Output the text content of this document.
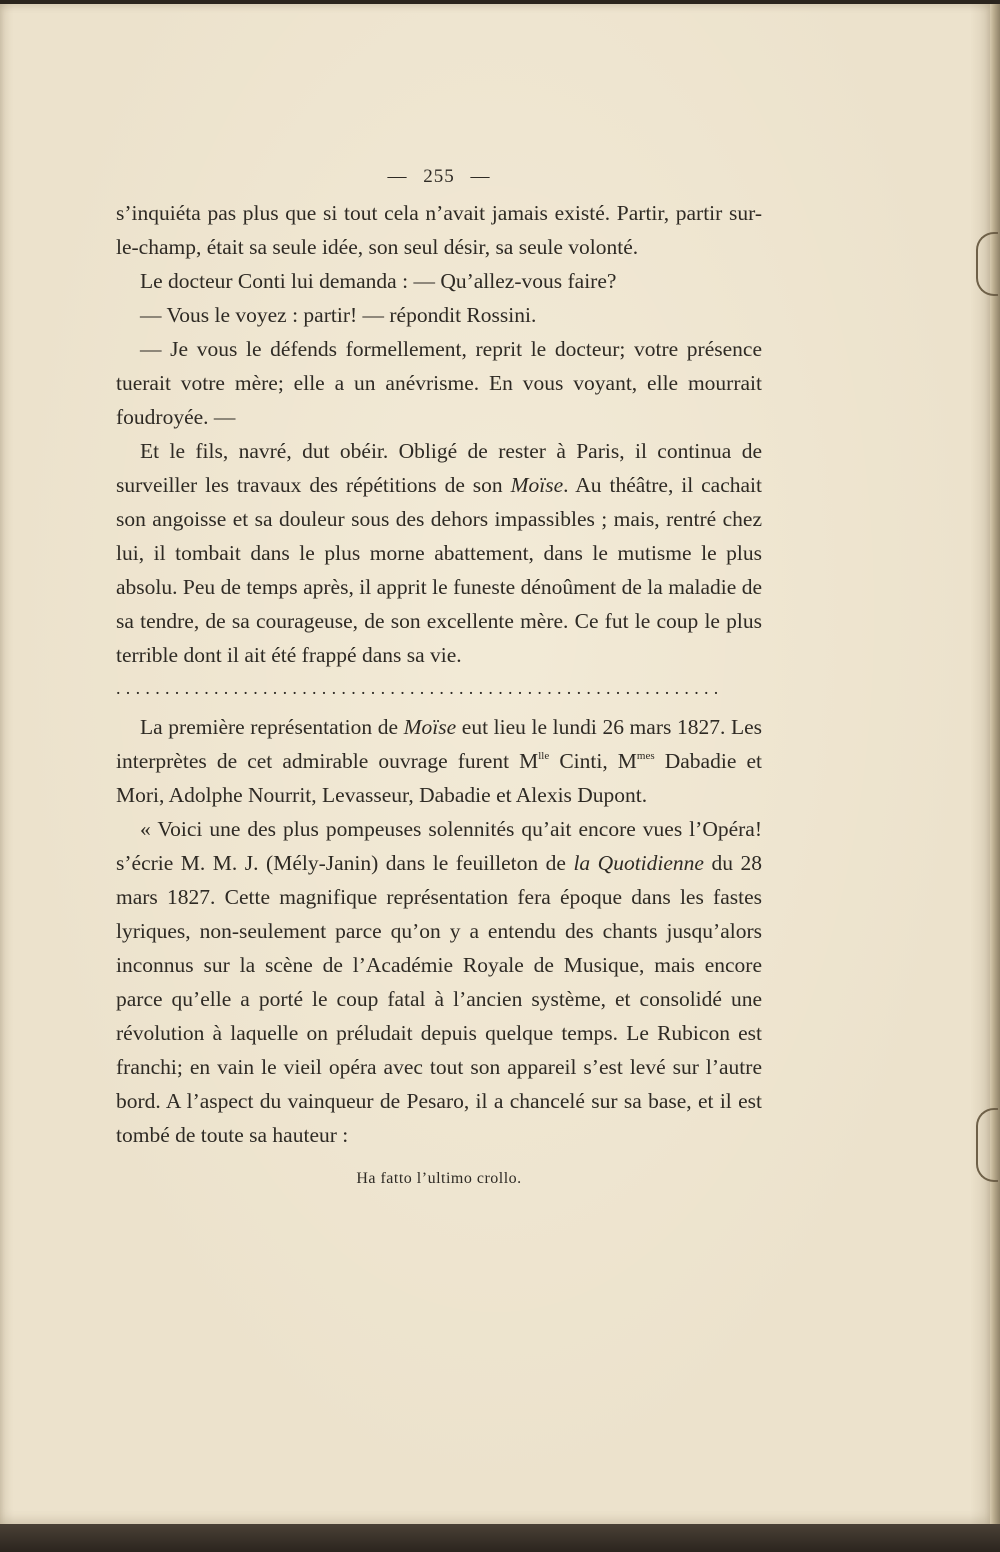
— 255 —

s’inquiéta pas plus que si tout cela n’avait jamais existé. Partir, partir sur-le-champ, était sa seule idée, son seul désir, sa seule volonté.

Le docteur Conti lui demanda : — Qu’allez-vous faire?

— Vous le voyez : partir! — répondit Rossini.

— Je vous le défends formellement, reprit le docteur; votre présence tuerait votre mère; elle a un anévrisme. En vous voyant, elle mourrait foudroyée. —

Et le fils, navré, dut obéir. Obligé de rester à Paris, il continua de surveiller les travaux des répétitions de son Moïse. Au théâtre, il cachait son angoisse et sa douleur sous des dehors impassibles ; mais, rentré chez lui, il tombait dans le plus morne abattement, dans le mutisme le plus absolu. Peu de temps après, il apprit le funeste dénoûment de la maladie de sa tendre, de sa courageuse, de son excellente mère. Ce fut le coup le plus terrible dont il ait été frappé dans sa vie.

..............................................................

La première représentation de Moïse eut lieu le lundi 26 mars 1827. Les interprètes de cet admirable ouvrage furent $M^{lle}$ Cinti, $M^{mes}$ Dabadie et Mori, Adolphe Nourrit, Levasseur, Dabadie et Alexis Dupont.

« Voici une des plus pompeuses solennités qu’ait encore vues l’Opéra! s’écrie M. M. J. (Mély-Janin) dans le feuilleton de la Quotidienne du 28 mars 1827. Cette magnifique représentation fera époque dans les fastes lyriques, non-seulement parce qu’on y a entendu des chants jusqu’alors inconnus sur la scène de l’Académie Royale de Musique, mais encore parce qu’elle a porté le coup fatal à l’ancien système, et consolidé une révolution à laquelle on préludait depuis quelque temps. Le Rubicon est franchi; en vain le vieil opéra avec tout son appareil s’est levé sur l’autre bord. A l’aspect du vainqueur de Pesaro, il a chancelé sur sa base, et il est tombé de toute sa hauteur :

Ha fatto l’ultimo crollo.
